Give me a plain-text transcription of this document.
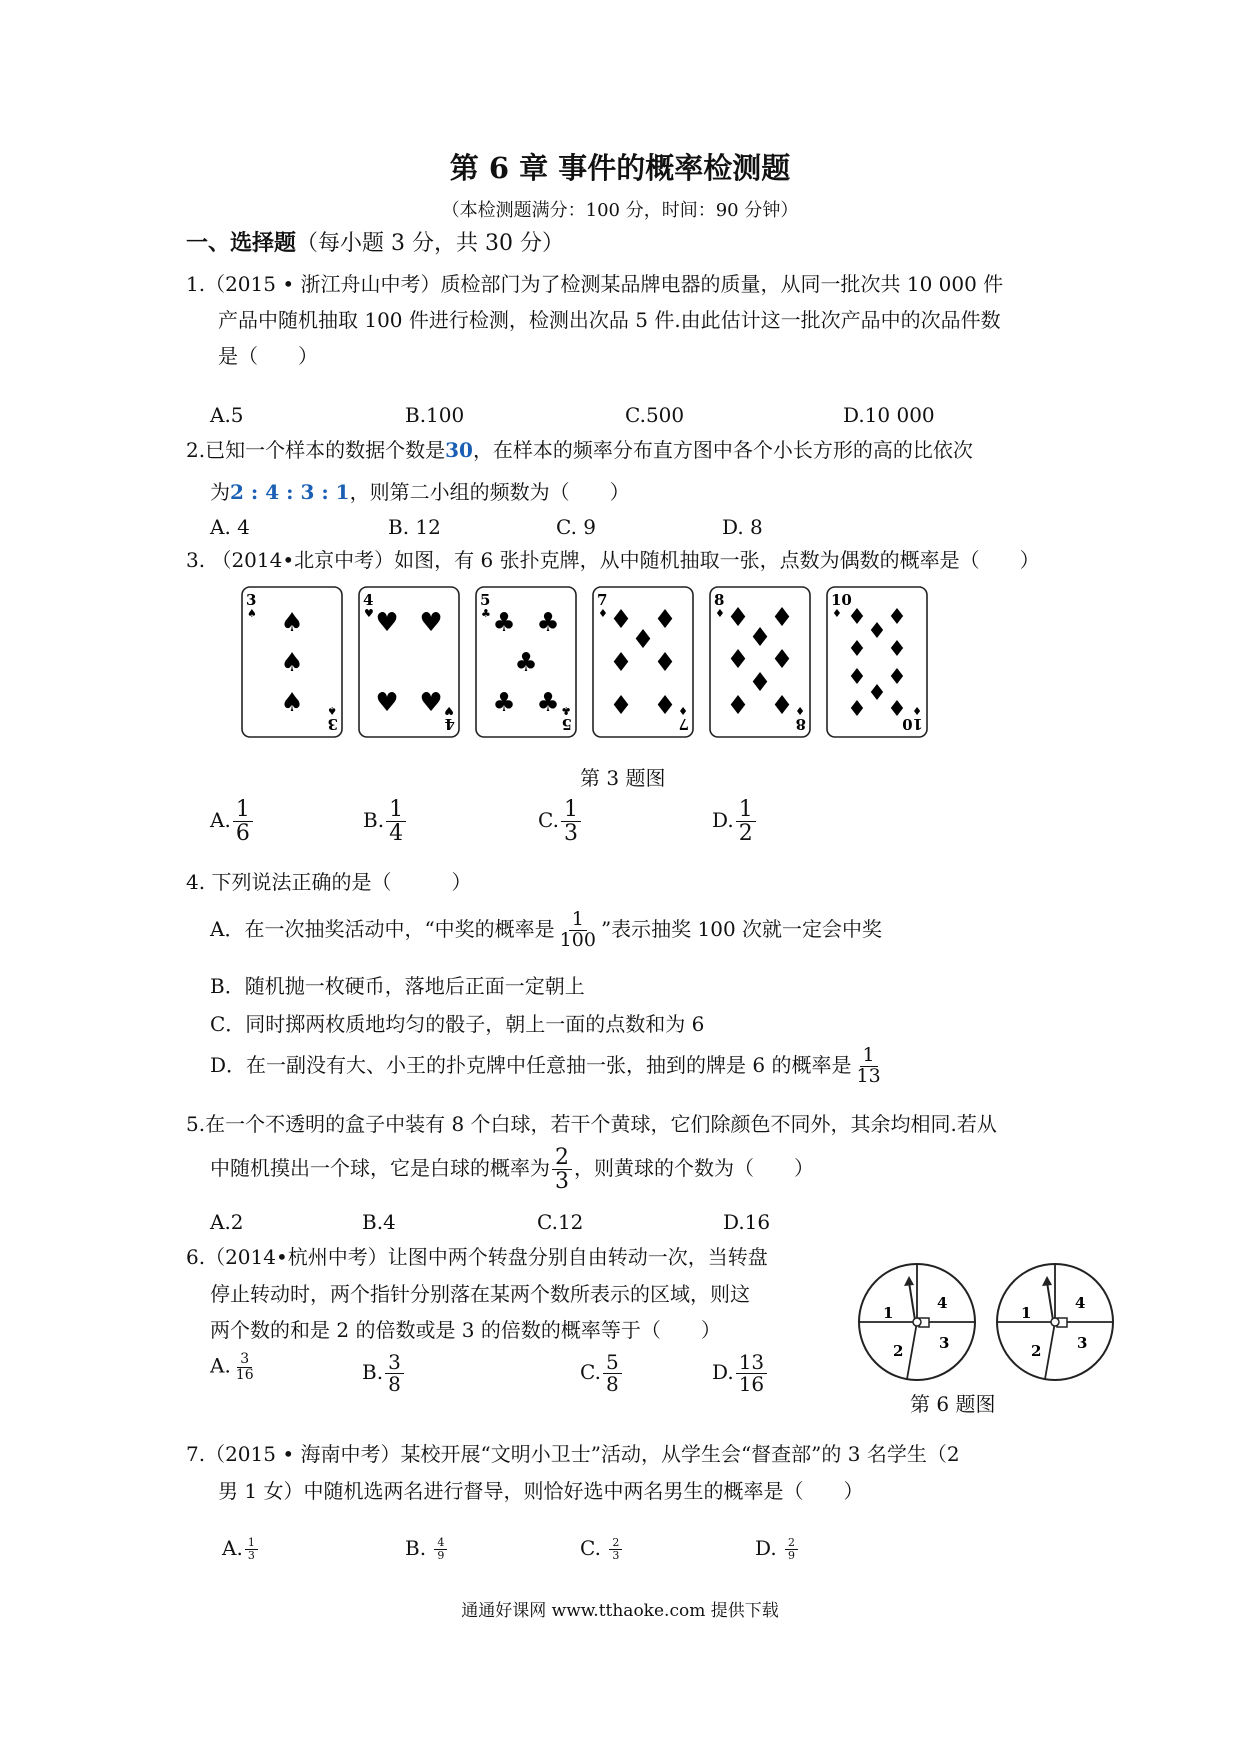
第 6 章 事件的概率检测题
（本检测题满分：100 分，时间：90 分钟）
一、选择题（每小题 3 分，共 30 分）
1.（2015 • 浙江舟山中考）质检部门为了检测某品牌电器的质量，从同一批次共 10 000 件
产品中随机抽取 100 件进行检测，检测出次品 5 件.由此估计这一批次产品中的次品件数
是（　　）
A.5	B.100	C.500	D.10 000
2.已知一个样本的数据个数是30，在样本的频率分布直方图中各个小长方形的高的比依次
为2 : 4 : 3 : 1，则第二小组的频数为（　　）
A. 4	B. 12	C. 9	D. 8
3. （2014•北京中考）如图，有 6 张扑克牌，从中随机抽取一张，点数为偶数的概率是（　　）
3
♠
3
♠
♠
♠
♠
4
♥
4
♥
♥ ♥
♥ ♥
5
♣
5
♣
♣ ♣
♣
♣ ♣
7
♦
7
♦
♦ ♦
♦
♦ ♦
♦ ♦
8
♦
8
♦
♦ ♦
♦
♦ ♦
♦
♦ ♦
10
♦
10
♦
♦ ♦
♦
♦ ♦
♦ ♦
♦
♦ ♦
第 3 题图
A. $\frac{1}{6}$	B. $\frac{1}{4}$	C. $\frac{1}{3}$	D. $\frac{1}{2}$
4. 下列说法正确的是（　　　）
A．在一次抽奖活动中，“中奖的概率是 $\frac{1}{100}$ ”表示抽奖 100 次就一定会中奖
B．随机抛一枚硬币，落地后正面一定朝上
C．同时掷两枚质地均匀的骰子，朝上一面的点数和为 6
D．在一副没有大、小王的扑克牌中任意抽一张，抽到的牌是 6 的概率是 $\frac{1}{13}$
5.在一个不透明的盒子中装有 8 个白球，若干个黄球，它们除颜色不同外，其余均相同.若从
中随机摸出一个球，它是白球的概率为 $\frac{2}{3}$ ，则黄球的个数为（　　）
A.2	B.4	C.12	D.16
6.（2014•杭州中考）让图中两个转盘分别自由转动一次，当转盘
停止转动时，两个指针分别落在某两个数所表示的区域，则这
两个数的和是 2 的倍数或是 3 的倍数的概率等于（　　）
A. $\frac{3}{16}$	B. $\frac{3}{8}$	C. $\frac{5}{8}$	D. $\frac{13}{16}$
1
4
2 3
1
4
2 3
第 6 题图
7.（2015 • 海南中考）某校开展“文明小卫士”活动，从学生会“督查部”的 3 名学生（2
男 1 女）中随机选两名进行督导，则恰好选中两名男生的概率是（　　）
A. $\frac{1}{3}$	B. $\frac{4}{9}$	C. $\frac{2}{3}$	D. $\frac{2}{9}$
通通好课网 www.tthaoke.com 提供下载
